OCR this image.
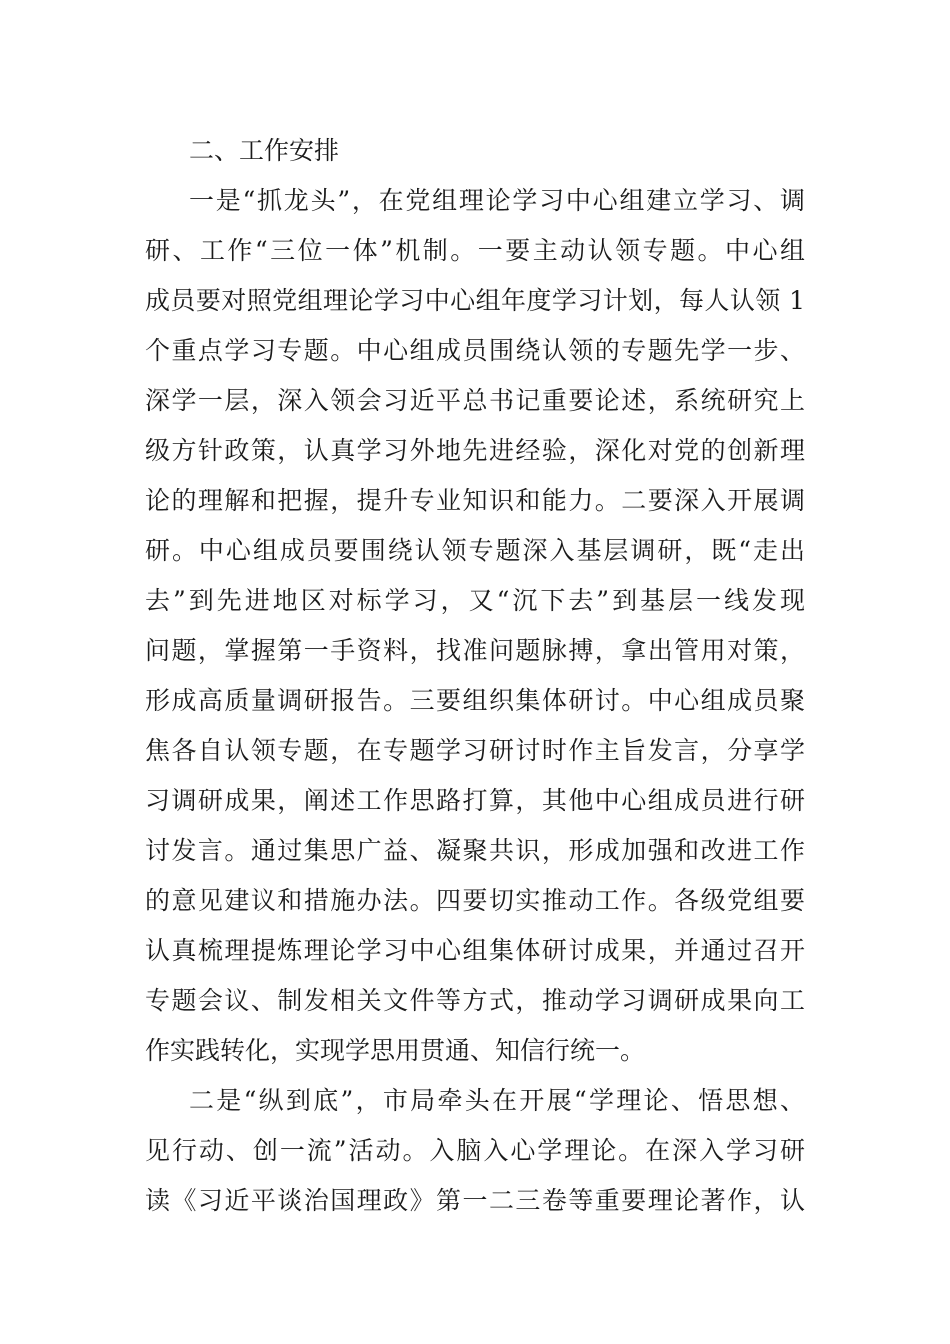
二、工作安排
一是“抓龙头”，在党组理论学习中心组建立学习、调
研、工作“三位一体”机制。一要主动认领专题。中心组
成员要对照党组理论学习中心组年度学习计划，每人认领 1
个重点学习专题。中心组成员围绕认领的专题先学一步、
深学一层，深入领会习近平总书记重要论述，系统研究上
级方针政策，认真学习外地先进经验，深化对党的创新理
论的理解和把握，提升专业知识和能力。二要深入开展调
研。中心组成员要围绕认领专题深入基层调研，既“走出
去”到先进地区对标学习，又“沉下去”到基层一线发现
问题，掌握第一手资料，找准问题脉搏，拿出管用对策，
形成高质量调研报告。三要组织集体研讨。中心组成员聚
焦各自认领专题，在专题学习研讨时作主旨发言，分享学
习调研成果，阐述工作思路打算，其他中心组成员进行研
讨发言。通过集思广益、凝聚共识，形成加强和改进工作
的意见建议和措施办法。四要切实推动工作。各级党组要
认真梳理提炼理论学习中心组集体研讨成果，并通过召开
专题会议、制发相关文件等方式，推动学习调研成果向工
作实践转化，实现学思用贯通、知信行统一。
二是“纵到底”，市局牵头在开展“学理论、悟思想、
见行动、创一流”活动。入脑入心学理论。在深入学习研
读《习近平谈治国理政》第一二三卷等重要理论著作，认
